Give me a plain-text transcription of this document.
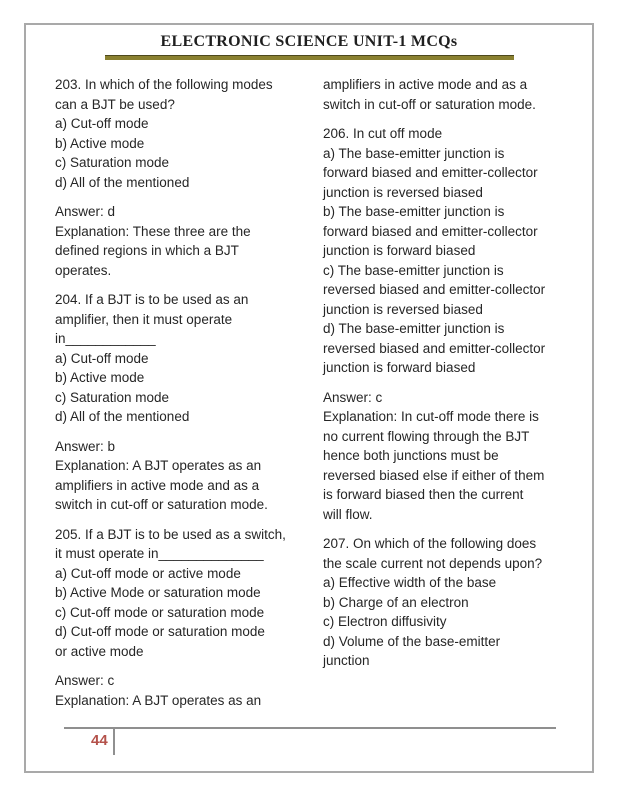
ELECTRONIC SCIENCE UNIT-1 MCQs
203. In which of the following modes
can a BJT be used?
a) Cut-off mode
b) Active mode
c) Saturation mode
d) All of the mentioned
Answer: d
Explanation: These three are the
defined regions in which a BJT
operates.
204. If a BJT is to be used as an
amplifier, then it must operate
in____________
a) Cut-off mode
b) Active mode
c) Saturation mode
d) All of the mentioned
Answer: b
Explanation: A BJT operates as an
amplifiers in active mode and as a
switch in cut-off or saturation mode.
205. If a BJT is to be used as a switch,
it must operate in______________
a) Cut-off mode or active mode
b) Active Mode or saturation mode
c) Cut-off mode or saturation mode
d) Cut-off mode or saturation mode
or active mode
Answer: c
Explanation: A BJT operates as an
amplifiers in active mode and as a
switch in cut-off or saturation mode.
206. In cut off mode
a) The base-emitter junction is
forward biased and emitter-collector
junction is reversed biased
b) The base-emitter junction is
forward biased and emitter-collector
junction is forward biased
c) The base-emitter junction is
reversed biased and emitter-collector
junction is reversed biased
d) The base-emitter junction is
reversed biased and emitter-collector
junction is forward biased
Answer: c
Explanation: In cut-off mode there is
no current flowing through the BJT
hence both junctions must be
reversed biased else if either of them
is forward biased then the current
will flow.
207. On which of the following does
the scale current not depends upon?
a) Effective width of the base
b) Charge of an electron
c) Electron diffusivity
d) Volume of the base-emitter
junction
44
